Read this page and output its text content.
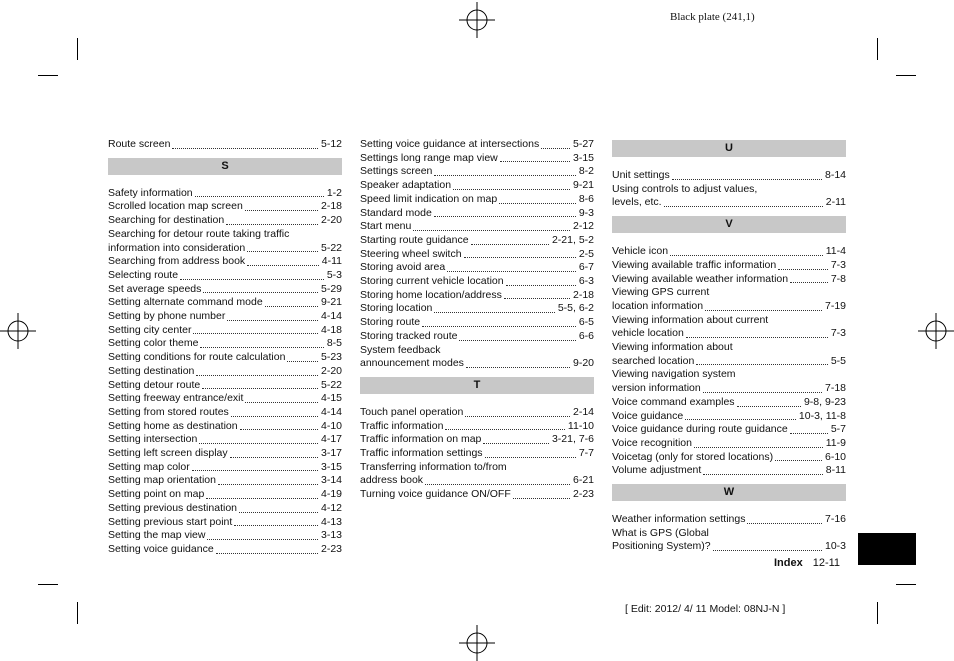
Black plate (241,1)
Route screen	5-12
S
Safety information	1-2
Scrolled location map screen	2-18
Searching for destination	2-20
Searching for detour route taking traffic
information into consideration	5-22
Searching from address book	4-11
Selecting route	5-3
Set average speeds	5-29
Setting alternate command mode	9-21
Setting by phone number	4-14
Setting city center	4-18
Setting color theme	8-5
Setting conditions for route calculation	5-23
Setting destination	2-20
Setting detour route	5-22
Setting freeway entrance/exit	4-15
Setting from stored routes	4-14
Setting home as destination	4-10
Setting intersection	4-17
Setting left screen display	3-17
Setting map color	3-15
Setting map orientation	3-14
Setting point on map	4-19
Setting previous destination	4-12
Setting previous start point	4-13
Setting the map view	3-13
Setting voice guidance	2-23
Setting voice guidance at intersections	5-27
Settings long range map view	3-15
Settings screen	8-2
Speaker adaptation	9-21
Speed limit indication on map	8-6
Standard mode	9-3
Start menu	2-12
Starting route guidance	2-21, 5-2
Steering wheel switch	2-5
Storing avoid area	6-7
Storing current vehicle location	6-3
Storing home location/address	2-18
Storing location	5-5, 6-2
Storing route	6-5
Storing tracked route	6-6
System feedback
announcement modes	9-20
T
Touch panel operation	2-14
Traffic information	11-10
Traffic information on map	3-21, 7-6
Traffic information settings	7-7
Transferring information to/from
address book	6-21
Turning voice guidance ON/OFF	2-23
U
Unit settings	8-14
Using controls to adjust values,
levels, etc.	2-11
V
Vehicle icon	11-4
Viewing available traffic information	7-3
Viewing available weather information	7-8
Viewing GPS current
location information	7-19
Viewing information about current
vehicle location	7-3
Viewing information about
searched location	5-5
Viewing navigation system
version information	7-18
Voice command examples	9-8, 9-23
Voice guidance	10-3, 11-8
Voice guidance during route guidance	5-7
Voice recognition	11-9
Voicetag (only for stored locations)	6-10
Volume adjustment	8-11
W
Weather information settings	7-16
What is GPS (Global
Positioning System)?	10-3
Index 12-11
[ Edit: 2012/ 4/ 11 Model: 08NJ-N ]
